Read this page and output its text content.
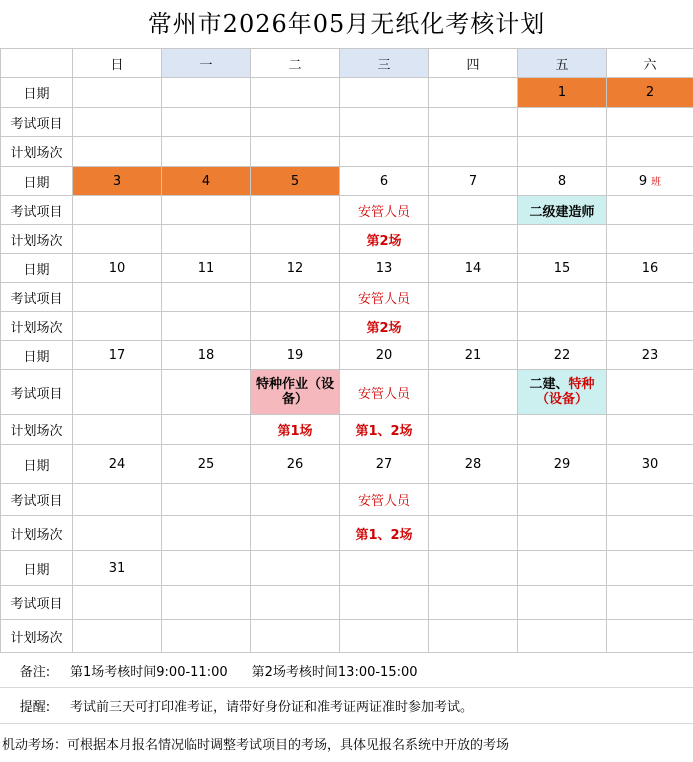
常州市2026年05月无纸化考核计划
	日	一	二	三	四	五	六
日期						1	2
考试项目							
计划场次							
日期	3	4	5	6	7	8	9 班
考试项目				安管人员		二级建造师	
计划场次				第2场			
日期	10	11	12	13	14	15	16
考试项目				安管人员			
计划场次				第2场			
日期	17	18	19	20	21	22	23
考试项目			特种作业（设备）	安管人员		二建、特种
（设备）	
计划场次			第1场	第1、2场			
日期	24	25	26	27	28	29	30
考试项目				安管人员			
计划场次				第1、2场			
日期	31						
考试项目							
计划场次							
备注:	第1场考核时间9:00-11:00 第2场考核时间13:00-15:00
提醒:	考试前三天可打印准考证，请带好身份证和准考证两证准时参加考试。
机动考场：可根据本月报名情况临时调整考试项目的考场，具体见报名系统中开放的考场
